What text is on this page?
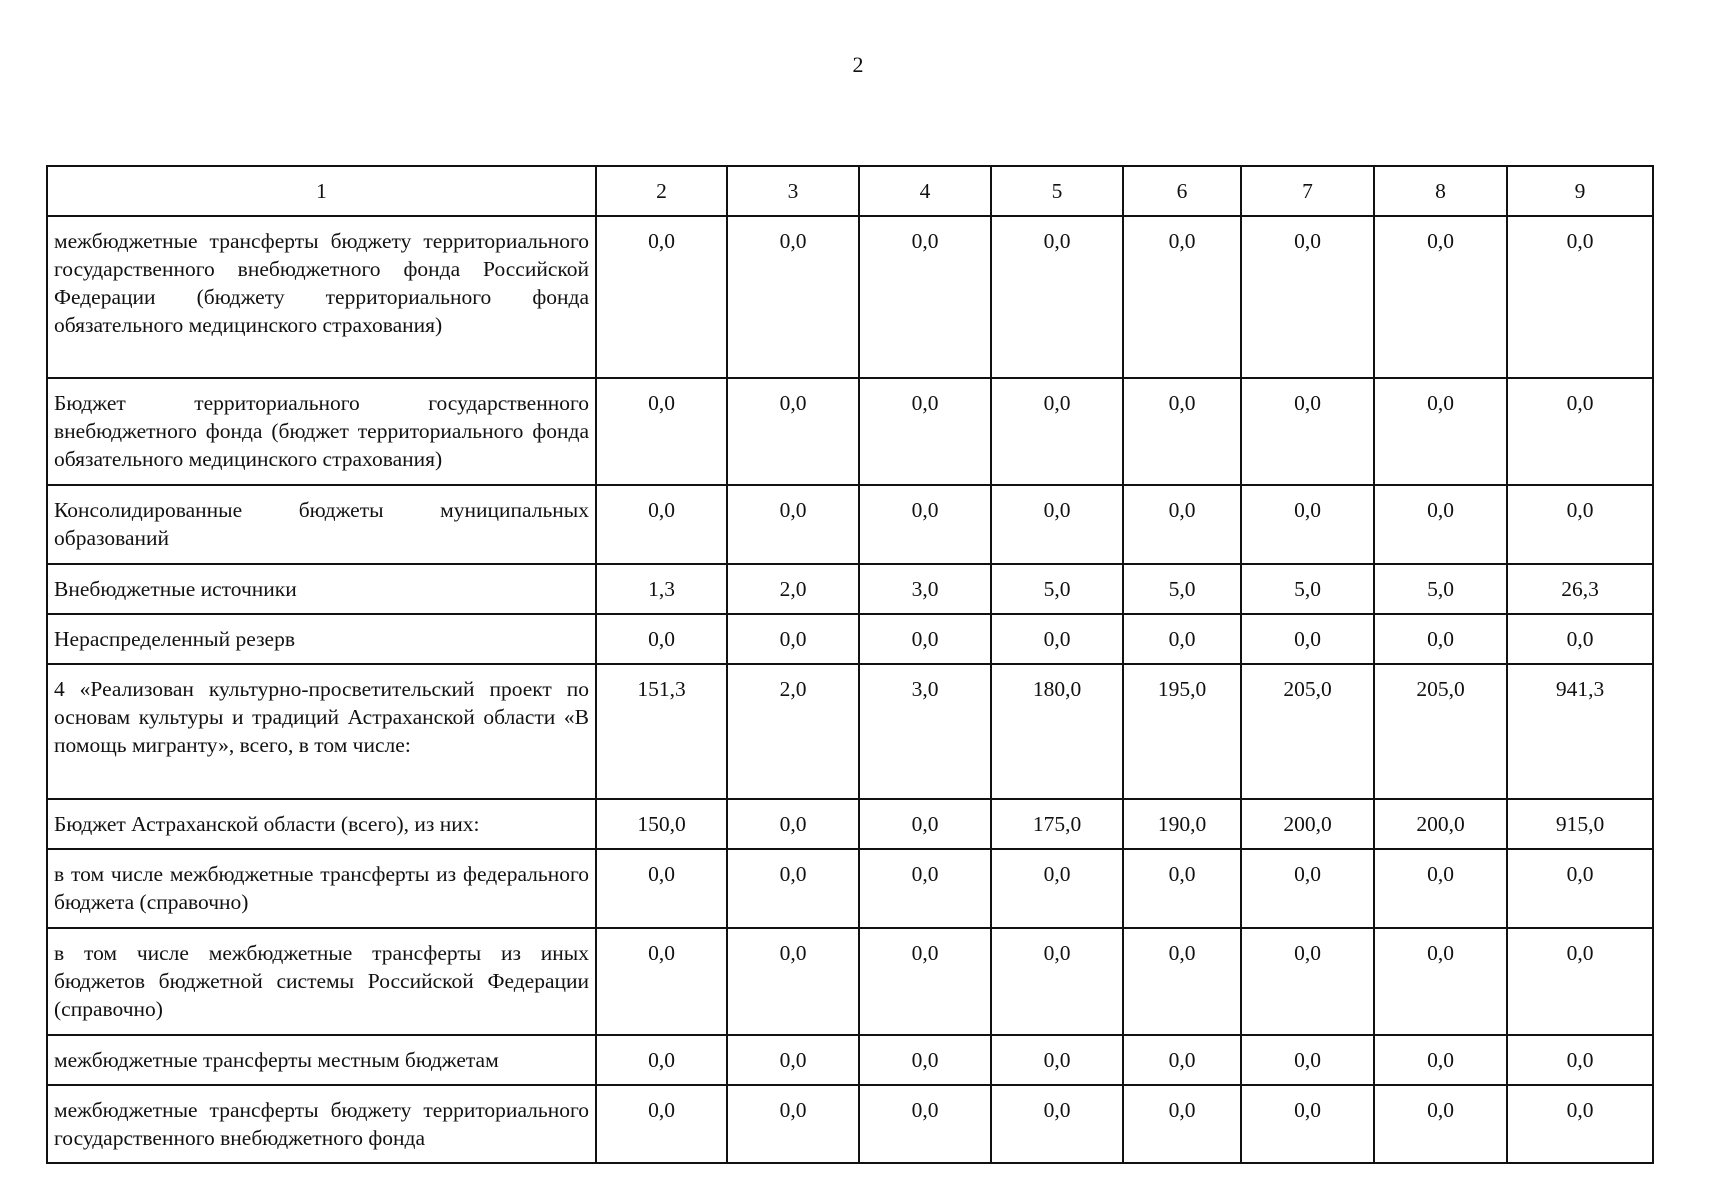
2
1	2	3	4	5	6	7	8	9
межбюджетные трансферты бюджету территориального государственного внебюджетного фонда Российской Федерации (бюджету территориального фонда обязательного медицинского страхования)	0,0	0,0	0,0	0,0	0,0	0,0	0,0	0,0
Бюджет территориального государственного внебюджетного фонда (бюджет территориального фонда обязательного медицинского страхования)	0,0	0,0	0,0	0,0	0,0	0,0	0,0	0,0
Консолидированные бюджеты муниципальных образований	0,0	0,0	0,0	0,0	0,0	0,0	0,0	0,0
Внебюджетные источники	1,3	2,0	3,0	5,0	5,0	5,0	5,0	26,3
Нераспределенный резерв	0,0	0,0	0,0	0,0	0,0	0,0	0,0	0,0
4 «Реализован культурно-просветительский проект по основам культуры и традиций Астраханской области «В помощь мигранту», всего, в том числе:	151,3	2,0	3,0	180,0	195,0	205,0	205,0	941,3
Бюджет Астраханской области (всего), из них:	150,0	0,0	0,0	175,0	190,0	200,0	200,0	915,0
в том числе межбюджетные трансферты из федерального бюджета (справочно)	0,0	0,0	0,0	0,0	0,0	0,0	0,0	0,0
в том числе межбюджетные трансферты из иных бюджетов бюджетной системы Российской Федерации (справочно)	0,0	0,0	0,0	0,0	0,0	0,0	0,0	0,0
межбюджетные трансферты местным бюджетам	0,0	0,0	0,0	0,0	0,0	0,0	0,0	0,0
межбюджетные трансферты бюджету территориального государственного внебюджетного фонда	0,0	0,0	0,0	0,0	0,0	0,0	0,0	0,0
